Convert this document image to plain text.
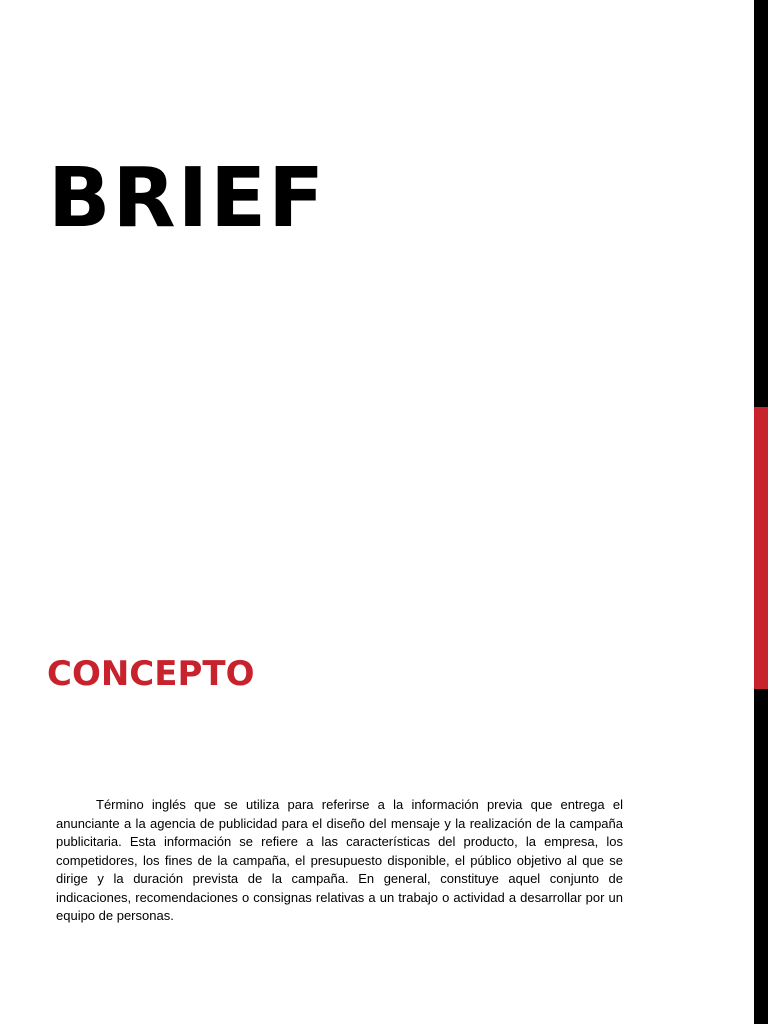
BRIEF
CONCEPTO

Término inglés que se utiliza para referirse a la información previa que entrega el anunciante a la agencia de publicidad para el diseño del mensaje y la realización de la campaña publicitaria. Esta información se refiere a las características del producto, la empresa, los competidores, los fines de la campaña, el presupuesto disponible, el público objetivo al que se dirige y la duración prevista de la campaña. En general, constituye aquel conjunto de indicaciones, recomendaciones o consignas relativas a un trabajo o actividad a desarrollar por un equipo de personas.
